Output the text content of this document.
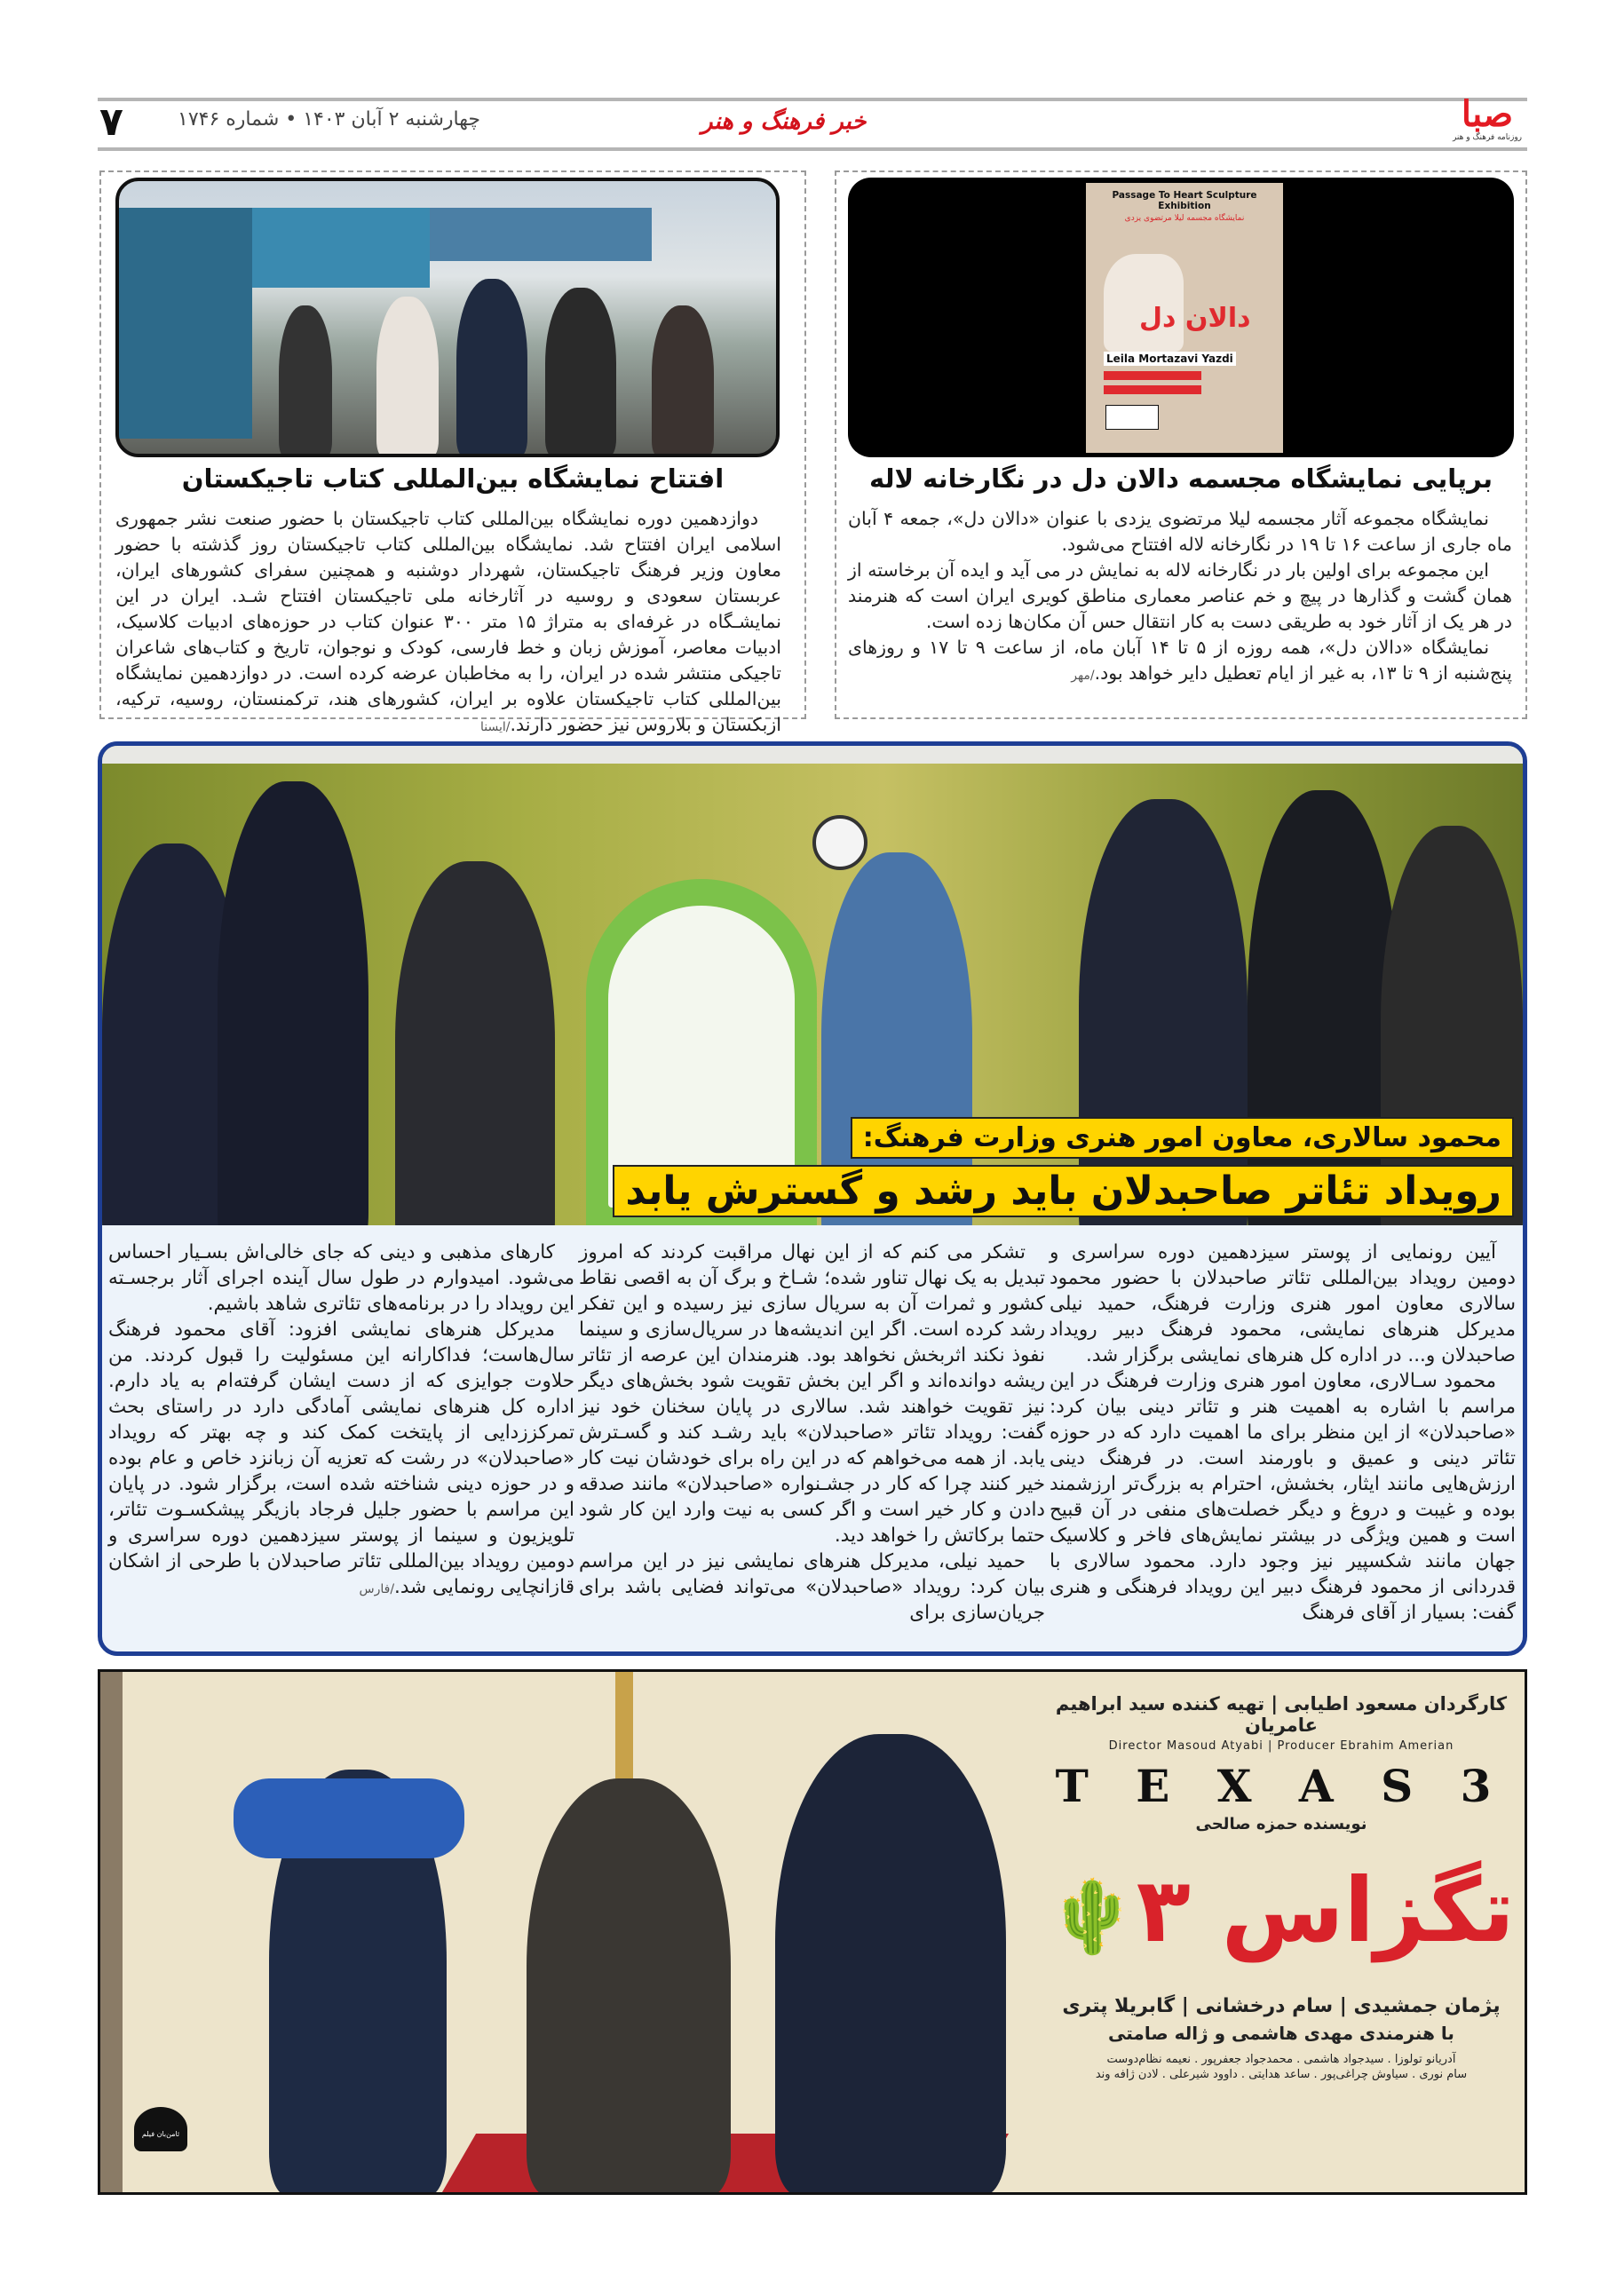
۷	چهارشنبه ۲ آبان ۱۴۰۳ • شماره ۱۷۴۶	خبر فرهنگ و هنر	صبا
روزنامه فرهنگ و هنر
Passage To Heart Sculpture Exhibition
نمایشگاه مجسمه لیلا مرتضوی یزدی
دالان دل
Leila Mortazavi Yazdi
برپایی نمایشگاه مجسمه دالان دل در نگارخانه لاله

نمایشگاه مجموعه آثار مجسمه لیلا مرتضوی یزدی با عنوان «دالان دل»، جمعه ۴ آبان ماه جاری از ساعت ۱۶ تا ۱۹ در نگارخانه لاله افتتاح می‌شود.

این مجموعه برای اولین بار در نگارخانه لاله به نمایش در می آید و ایده آن برخاسته از همان گشت و گذارها در پیچ و خم عناصر معماری مناطق کویری ایران است که هنرمند در هر یک از آثار خود به طریقی دست به کار انتقال حس آن مکان‌ها زده است.

نمایشگاه «دالان دل»، همه روزه از ۵ تا ۱۴ آبان ماه، از ساعت ۹ تا ۱۷ و روزهای پنج‌شنبه از ۹ تا ۱۳، به غیر از ایام تعطیل دایر خواهد بود./مهر

افتتاح نمایشگاه بین‌المللی کتاب تاجیکستان

دوازدهمین دوره نمایشگاه بین‌المللی کتاب تاجیکستان با حضور صنعت نشر جمهوری اسلامی ایران افتتاح شد. نمایشگاه بین‌المللی کتاب تاجیکستان روز گذشته با حضور معاون وزیر فرهنگ تاجیکستان، شهردار دوشنبه و همچنین سفرای کشورهای ایران، عربستان سعودی و روسیه در آثارخانه ملی تاجیکستان افتتاح شـد. ایران در این نمایشـگاه در غرفه‌ای به متراژ ۱۵ متر ۳۰۰ عنوان کتاب در حوزه‌های ادبیات کلاسیک، ادبیات معاصر، آموزش زبان و خط فارسی، کودک و نوجوان، تاریخ و کتاب‌های شاعران تاجیکی منتشر شده در ایران، را به مخاطبان عرضه کرده است. در دوازدهمین نمایشگاه بین‌المللی کتاب تاجیکستان علاوه بر ایران، کشورهای هند، ترکمنستان، روسیه، ترکیه، ازبکستان و بلاروس نیز حضور دارند./ایسنا

محمود سالاری، معاون امور هنری وزارت فرهنگ:
رویداد تئاتر صاحبدلان باید رشد و گسترش یابد

آیین رونمایی از پوستر سیزدهمین دوره سراسری و دومین رویداد بین‌المللی تئاتر صاحبدلان با حضور محمود سالاری معاون امور هنری وزارت فرهنگ، حمید نیلی مدیرکل هنرهای نمایشی، محمود فرهنگ دبیر رویداد صاحبدلان و... در اداره کل هنرهای نمایشی برگزار شد.

محمود سـالاری، معاون امور هنری وزارت فرهنگ در این مراسم با اشاره به اهمیت هنر و تئاتر دینی بیان کرد: «صاحبدلان» از این منظر برای ما اهمیت دارد که در حوزه تئاتر دینی و عمیق و باورمند است. در فرهنگ دینی ارزش‌هایی مانند ایثار، بخشش، احترام به بزرگ‌تر ارزشمند بوده و غیبت و دروغ و دیگر خصلت‌های منفی در آن قبیح است و همین ویژگی در بیشتر نمایش‌های فاخر و کلاسیک جهان مانند شکسپیر نیز وجود دارد. محمود سالاری با قدردانی از محمود فرهنگ دبیر این رویداد فرهنگی و هنری گفت: بسیار از آقای فرهنگ

تشکر می کنم که از این نهال مراقبت کردند که امروز تبدیل به یک نهال تناور شده؛ شـاخ و برگ آن به اقصی نقاط کشور و ثمرات آن به سریال سازی نیز رسیده و این تفکر رشد کرده است. اگر این اندیشه‌ها در سریال‌سازی و سینما نفوذ نکند اثربخش نخواهد بود. هنرمندان این عرصه از تئاتر ریشه دوانده‌اند و اگر این بخش تقویت شود بخش‌های دیگر نیز تقویت خواهند شد. سالاری در پایان سخنان خود نیز گفت: رویداد تئاتر «صاحبدلان» باید رشـد کند و گسـترش یابد. از همه می‌خواهم که در این راه برای خودشان نیت کار خیر کنند چرا که کار در جشـنواره «صاحبدلان» مانند صدقه دادن و کار خیر است و اگر کسی به نیت وارد این کار شود حتما برکاتش را خواهد دید.

حمید نیلی، مدیرکل هنرهای نمایشی نیز در این مراسم بیان کرد: رویداد «صاحبدلان» می‌تواند فضایی باشد برای جریان‌سازی برای

کارهای مذهبی و دینی که جای خالی‌اش بسـیار احساس می‌شود. امیدوارم در طول سال آینده اجرای آثار برجسـته این رویداد را در برنامه‌های تئاتری شاهد باشیم.

مدیرکل هنرهای نمایشی افزود: آقای محمود فرهنگ سال‌هاست؛ فداکارانه این مسئولیت را قبول کردند. من حلاوت جوایزی که از دست ایشان گرفته‌ام به یاد دارم. اداره کل هنرهای نمایشی آمادگی دارد در راستای بحث تمرکززدایی از پایتخت کمک کند و چه بهتر که رویداد «صاحبدلان» در رشت که تعزیه آن زبانزد خاص و عام بوده و در حوزه دینی شناخته شده است، برگزار شود. در پایان این مراسم با حضور جلیل فرجاد بازیگر پیشکسـوت تئاتر، تلویزیون و سینما از پوستر سیزدهمین دوره سراسری و دومین رویداد بین‌المللی تئاتر صاحبدلان با طرحی از اشکان قازانچایی رونمایی شد./فارس

کارگردان مسعود اطیابی | تهیه کننده سید ابراهیم عامریان
Director Masoud Atyabi | Producer Ebrahim Amerian
T E X A S 3
نویسنده حمزه صالحی
تگزاس ۳🌵
پژمان جمشیدی | سام درخشانی | گابریلا پتری
با هنرمندی مهدی هاشمی و ژاله صامتی
آدریانو تولوزا . سیدجواد هاشمی . محمدجواد جعفرپور . نعیمه نظام‌دوست
سام نوری . سیاوش چراغی‌پور . ساعد هدایتی . داوود شیرعلی . لادن ژافه وند
ثامن‌بان فیلم
